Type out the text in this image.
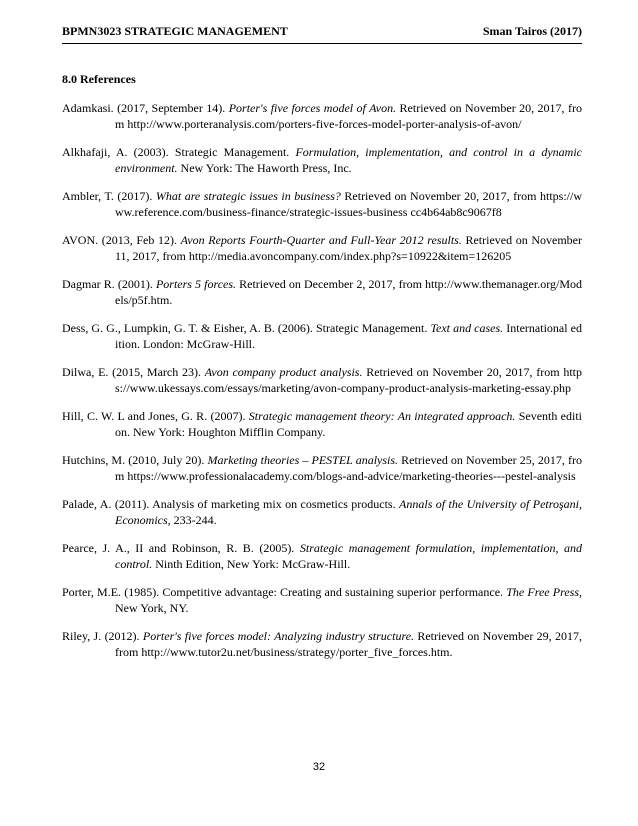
BPMN3023 STRATEGIC MANAGEMENT	Sman Tairos (2017)
8.0 References

Adamkasi. (2017, September 14). Porter's five forces model of Avon. Retrieved on November 20, 2017, from http://www.porteranalysis.com/porters-five-forces-model-porter-analysis-of-avon/

Alkhafaji, A. (2003). Strategic Management. Formulation, implementation, and control in a dynamic environment. New York: The Haworth Press, Inc.

Ambler, T. (2017). What are strategic issues in business? Retrieved on November 20, 2017, from https://www.reference.com/business-finance/strategic-issues-business cc4b64ab8c9067f8

AVON. (2013, Feb 12). Avon Reports Fourth-Quarter and Full-Year 2012 results. Retrieved on November 11, 2017, from http://media.avoncompany.com/index.php?s=10922&item=126205

Dagmar R. (2001). Porters 5 forces. Retrieved on December 2, 2017, from http://www.themanager.org/Models/p5f.htm.

Dess, G. G., Lumpkin, G. T. & Eisher, A. B. (2006). Strategic Management. Text and cases. International edition. London: McGraw-Hill.

Dilwa, E. (2015, March 23). Avon company product analysis. Retrieved on November 20, 2017, from https://www.ukessays.com/essays/marketing/avon-company-product-analysis-marketing-essay.php

Hill, C. W. L and Jones, G. R. (2007). Strategic management theory: An integrated approach. Seventh edition. New York: Houghton Mifflin Company.

Hutchins, M. (2010, July 20). Marketing theories – PESTEL analysis. Retrieved on November 25, 2017, from https://www.professionalacademy.com/blogs-and-advice/marketing-theories---pestel-analysis

Palade, A. (2011). Analysis of marketing mix on cosmetics products. Annals of the University of Petroşani, Economics, 233-244.

Pearce, J. A., II and Robinson, R. B. (2005). Strategic management formulation, implementation, and control. Ninth Edition, New York: McGraw-Hill.

Porter, M.E. (1985). Competitive advantage: Creating and sustaining superior performance. The Free Press, New York, NY.

Riley, J. (2012). Porter's five forces model: Analyzing industry structure. Retrieved on November 29, 2017, from http://www.tutor2u.net/business/strategy/porter_five_forces.htm.

32
